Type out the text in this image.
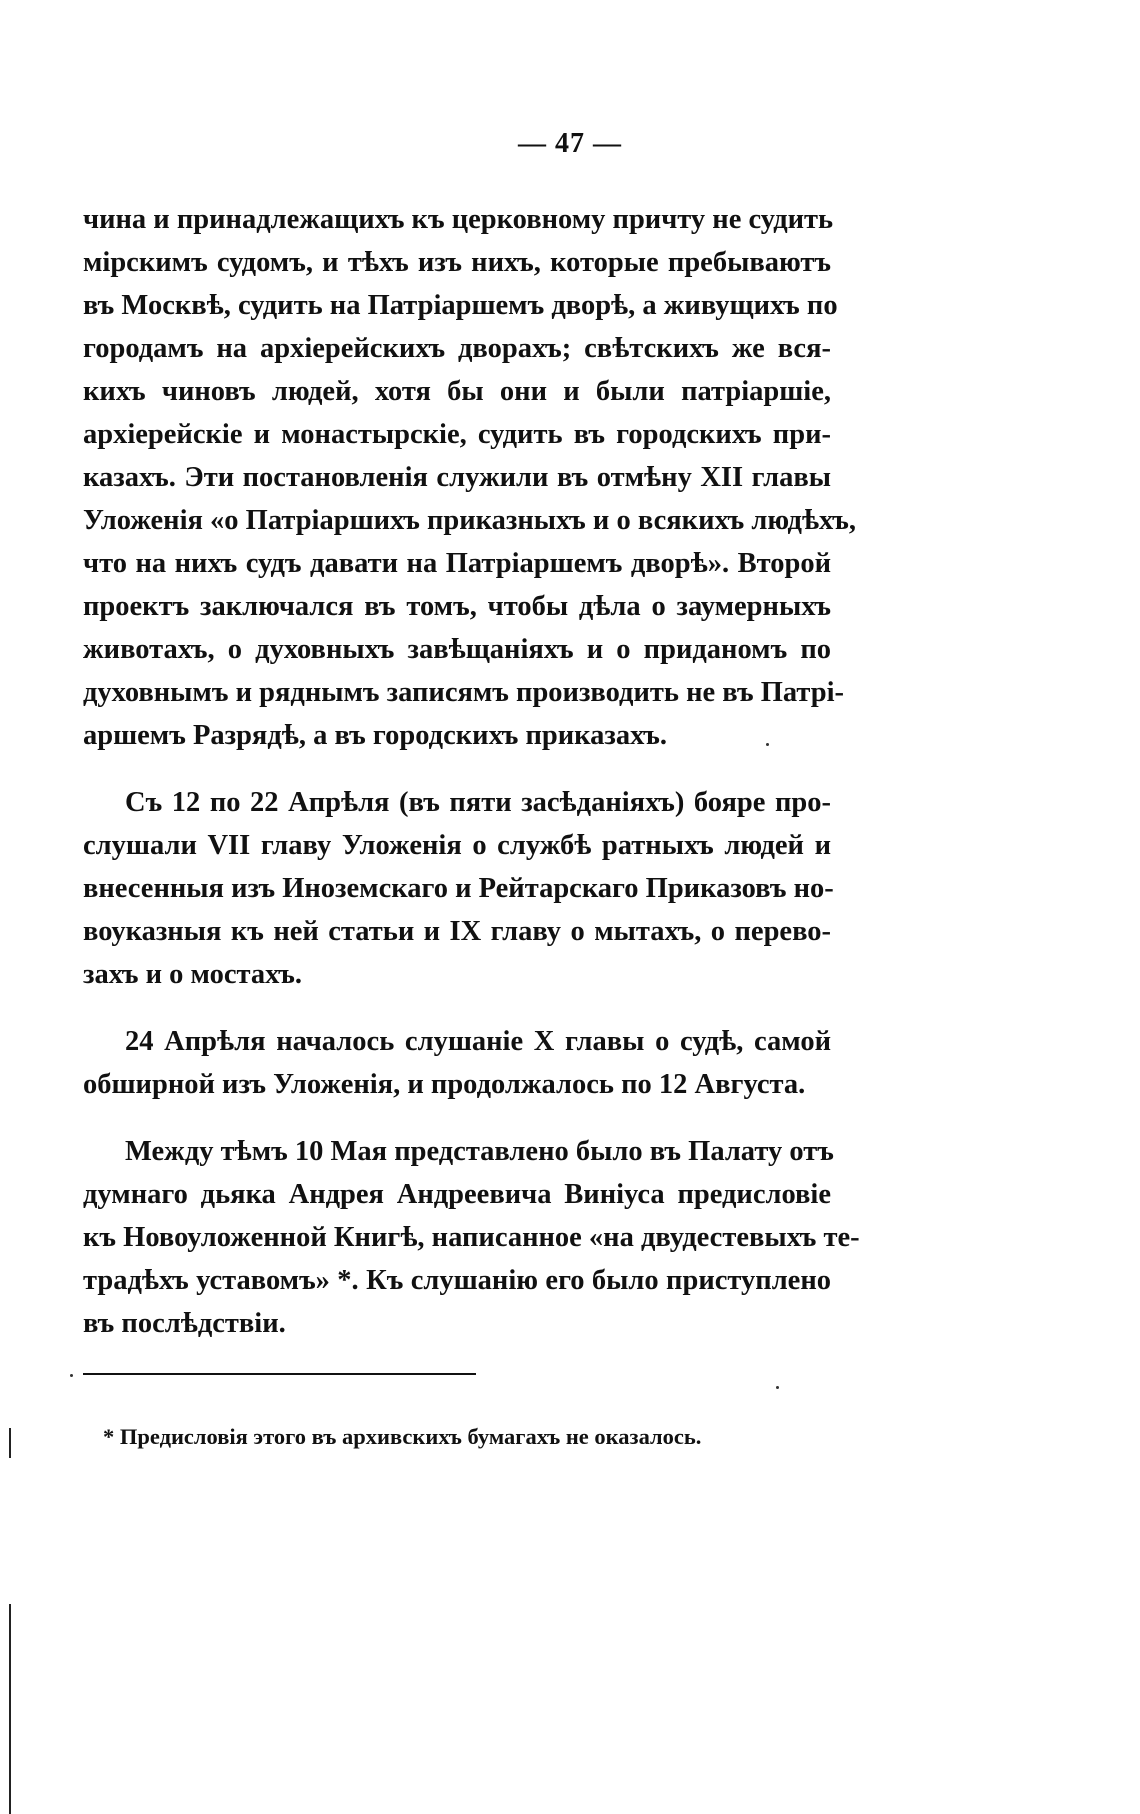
— 47 —

чина и принадлежащихъ къ церковному причту не судить
мірскимъ судомъ, и тѣхъ изъ нихъ, которые пребываютъ
въ Москвѣ, судить на Патріаршемъ дворѣ, а живущихъ по
городамъ на архіерейскихъ дворахъ; свѣтскихъ же вся-
кихъ чиновъ людей, хотя бы они и были патріаршіе,
архіерейскіе и монастырскіе, судить въ городскихъ при-
казахъ. Эти постановленія служили въ отмѣну XII главы
Уложенія «о Патріаршихъ приказныхъ и о всякихъ людѣхъ,
что на нихъ судъ давати на Патріаршемъ дворѣ». Второй
проектъ заключался въ томъ, чтобы дѣла о заумерныхъ
животахъ, о духовныхъ завѣщаніяхъ и о приданомъ по
духовнымъ и ряднымъ записямъ производить не въ Патрі-
аршемъ Разрядѣ, а въ городскихъ приказахъ.

Съ 12 по 22 Апрѣля (въ пяти засѣданіяхъ) бояре про-
слушали VII главу Уложенія о службѣ ратныхъ людей и
внесенныя изъ Иноземскаго и Рейтарскаго Приказовъ но-
воуказныя къ ней статьи и IX главу о мытахъ, о перево-
захъ и о мостахъ.

24 Апрѣля началось слушаніе X главы о судѣ, самой
обширной изъ Уложенія, и продолжалось по 12 Августа.

Между тѣмъ 10 Мая представлено было въ Палату отъ
думнаго дьяка Андрея Андреевича Виніуса предисловіе
къ Новоуложенной Книгѣ, написанное «на двудестевыхъ те-
традѣхъ уставомъ» *. Къ слушанію его было приступлено
въ послѣдствіи.

* Предисловія этого въ архивскихъ бумагахъ не оказалось.
